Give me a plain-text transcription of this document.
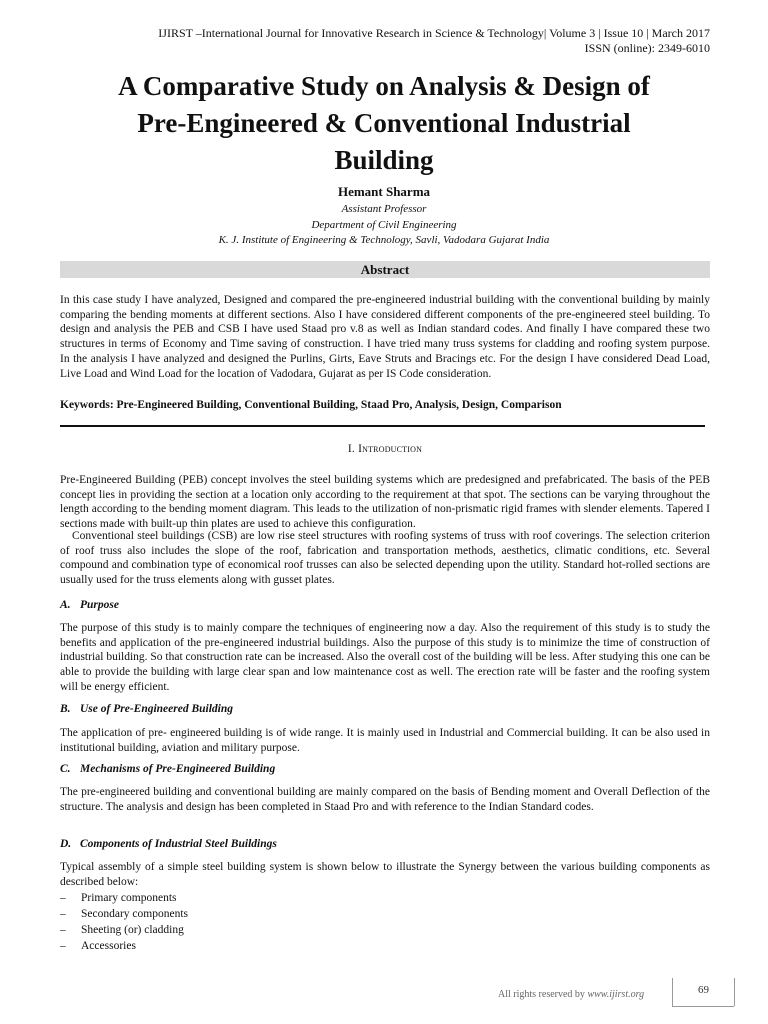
IJIRST –International Journal for Innovative Research in Science & Technology| Volume 3 | Issue 10 | March 2017
ISSN (online): 2349-6010
A Comparative Study on Analysis & Design of
Pre-Engineered & Conventional Industrial
Building
Hemant Sharma
Assistant Professor
Department of Civil Engineering
K. J. Institute of Engineering & Technology, Savli, Vadodara Gujarat India
Abstract

In this case study I have analyzed, Designed and compared the pre-engineered industrial building with the conventional building by mainly comparing the bending moments at different sections. Also I have considered different components of the pre-engineered steel building. To design and analysis the PEB and CSB I have used Staad pro v.8 as well as Indian standard codes. And finally I have compared these two structures in terms of Economy and Time saving of construction. I have tried many truss systems for cladding and roofing system purpose. In the analysis I have analyzed and designed the Purlins, Girts, Eave Struts and Bracings etc. For the design I have considered Dead Load, Live Load and Wind Load for the location of Vadodara, Gujarat as per IS Code consideration.

Keywords: Pre-Engineered Building, Conventional Building, Staad Pro, Analysis, Design, Comparison
I. Introduction

Pre-Engineered Building (PEB) concept involves the steel building systems which are predesigned and prefabricated. The basis of the PEB concept lies in providing the section at a location only according to the requirement at that spot. The sections can be varying throughout the length according to the bending moment diagram. This leads to the utilization of non-prismatic rigid frames with slender elements. Tapered I sections made with built-up thin plates are used to achieve this configuration.

Conventional steel buildings (CSB) are low rise steel structures with roofing systems of truss with roof coverings. The selection criterion of roof truss also includes the slope of the roof, fabrication and transportation methods, aesthetics, climatic conditions, etc. Several compound and combination type of economical roof trusses can also be selected depending upon the utility. Standard hot-rolled sections are usually used for the truss elements along with gusset plates.

A. Purpose

The purpose of this study is to mainly compare the techniques of engineering now a day. Also the requirement of this study is to study the benefits and application of the pre-engineered industrial buildings. Also the purpose of this study is to minimize the time of construction of industrial building. So that construction rate can be increased. Also the overall cost of the building will be less. After studying this one can be able to provide the building with large clear span and low maintenance cost as well. The erection rate will be faster and the roofing system will be energy efficient.

B. Use of Pre-Engineered Building

The application of pre- engineered building is of wide range. It is mainly used in Industrial and Commercial building. It can be also used in institutional building, aviation and military purpose.

C. Mechanisms of Pre-Engineered Building

The pre-engineered building and conventional building are mainly compared on the basis of Bending moment and Overall Deflection of the structure. The analysis and design has been completed in Staad Pro and with reference to the Indian Standard codes.

D. Components of Industrial Steel Buildings

Typical assembly of a simple steel building system is shown below to illustrate the Synergy between the various building components as described below:

–	Primary components
–	Secondary components
–	Sheeting (or) cladding
–	Accessories
All rights reserved by www.ijirst.org	69
